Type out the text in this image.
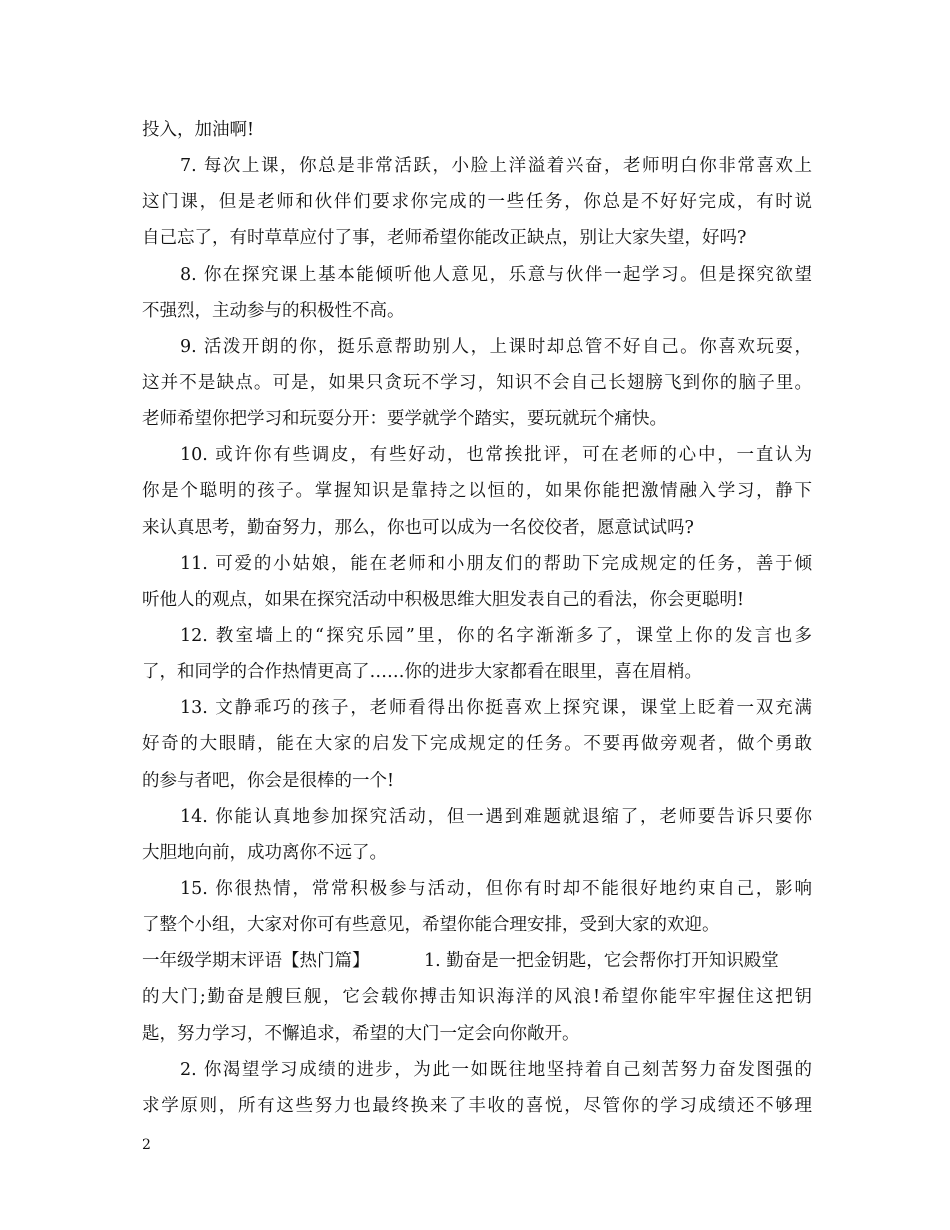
投入，加油啊!
7. 每次上课，你总是非常活跃，小脸上洋溢着兴奋，老师明白你非常喜欢上
这门课，但是老师和伙伴们要求你完成的一些任务，你总是不好好完成，有时说
自己忘了，有时草草应付了事，老师希望你能改正缺点，别让大家失望，好吗?
8. 你在探究课上基本能倾听他人意见，乐意与伙伴一起学习。但是探究欲望
不强烈，主动参与的积极性不高。
9. 活泼开朗的你，挺乐意帮助别人，上课时却总管不好自己。你喜欢玩耍，
这并不是缺点。可是，如果只贪玩不学习，知识不会自己长翅膀飞到你的脑子里。
老师希望你把学习和玩耍分开：要学就学个踏实，要玩就玩个痛快。
10. 或许你有些调皮，有些好动，也常挨批评，可在老师的心中，一直认为
你是个聪明的孩子。掌握知识是靠持之以恒的，如果你能把激情融入学习，静下
来认真思考，勤奋努力，那么，你也可以成为一名佼佼者，愿意试试吗?
11. 可爱的小姑娘，能在老师和小朋友们的帮助下完成规定的任务，善于倾
听他人的观点，如果在探究活动中积极思维大胆发表自己的看法，你会更聪明!
12. 教室墙上的“探究乐园”里，你的名字渐渐多了，课堂上你的发言也多
了，和同学的合作热情更高了……你的进步大家都看在眼里，喜在眉梢。
13. 文静乖巧的孩子，老师看得出你挺喜欢上探究课，课堂上眨着一双充满
好奇的大眼睛，能在大家的启发下完成规定的任务。不要再做旁观者，做个勇敢
的参与者吧，你会是很棒的一个!
14. 你能认真地参加探究活动，但一遇到难题就退缩了，老师要告诉只要你
大胆地向前，成功离你不远了。
15. 你很热情，常常积极参与活动，但你有时却不能很好地约束自己，影响
了整个小组，大家对你可有些意见，希望你能合理安排，受到大家的欢迎。
一年级学期末评语【热门篇】	1. 勤奋是一把金钥匙，它会帮你打开知识殿堂
的大门;勤奋是艘巨舰，它会载你搏击知识海洋的风浪!希望你能牢牢握住这把钥
匙，努力学习，不懈追求，希望的大门一定会向你敞开。
2. 你渴望学习成绩的进步，为此一如既往地坚持着自己刻苦努力奋发图强的
求学原则，所有这些努力也最终换来了丰收的喜悦，尽管你的学习成绩还不够理
2
